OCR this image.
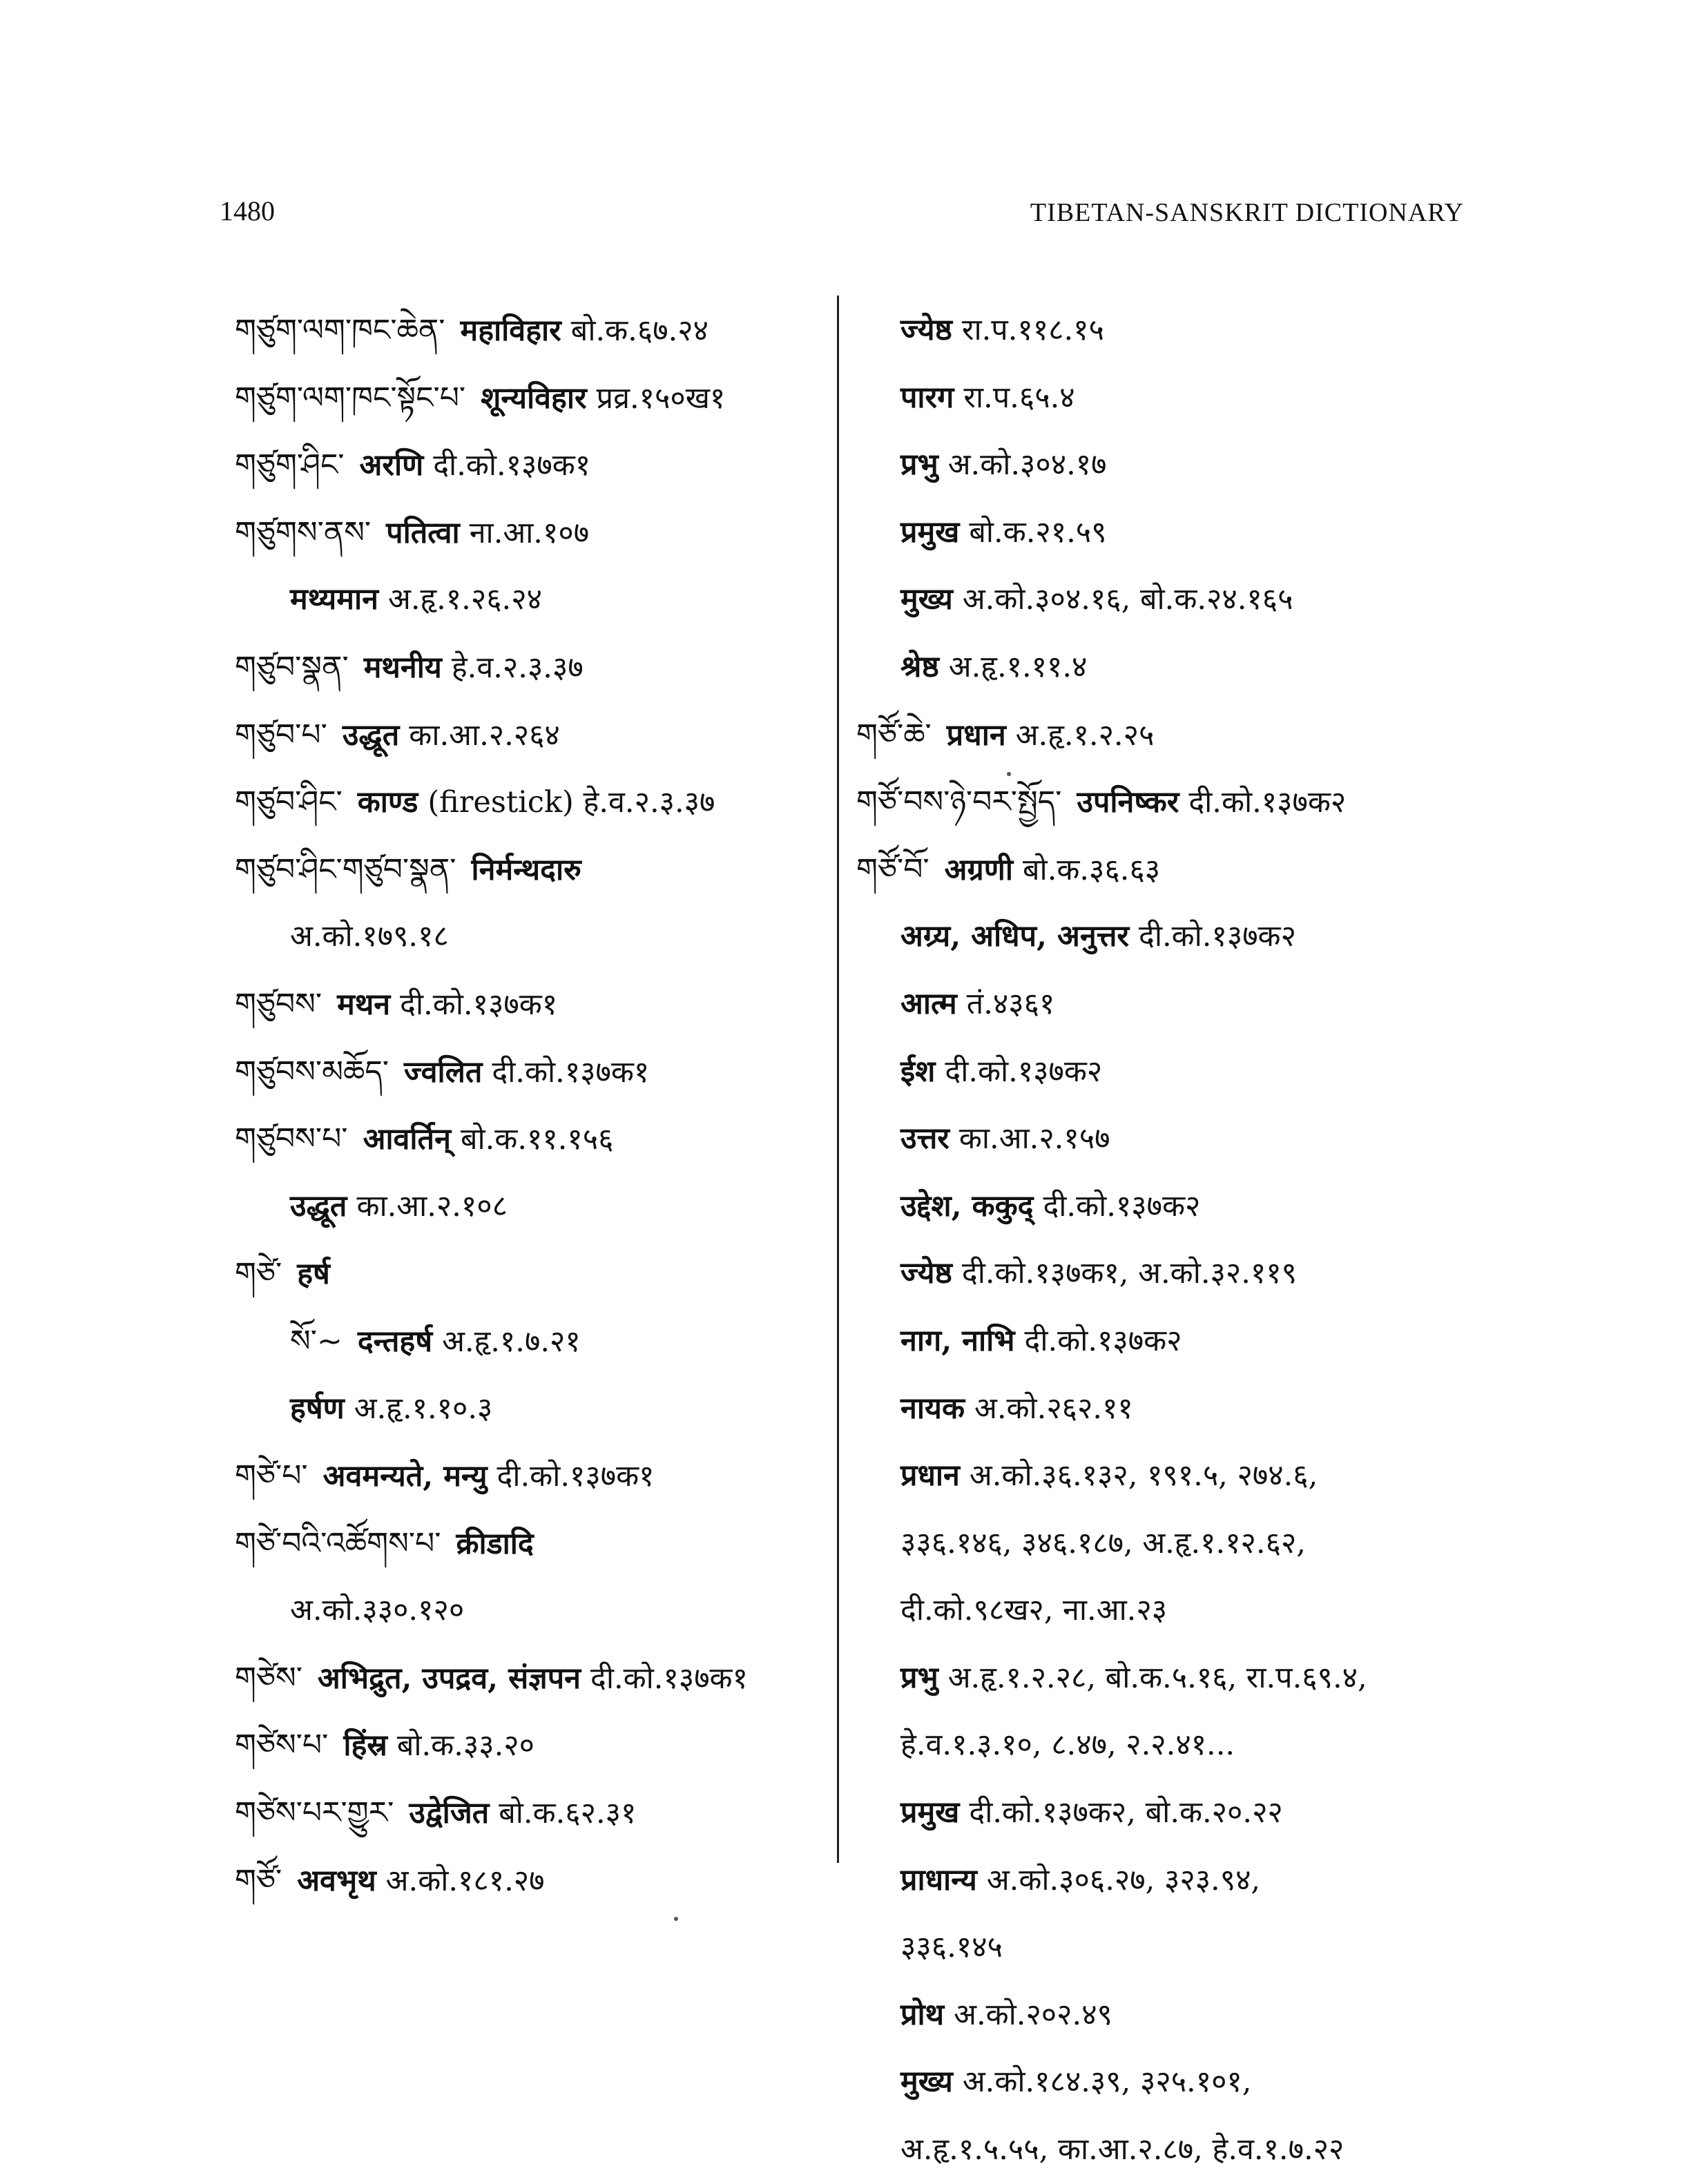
1480	TIBETAN-SANSKRIT DICTIONARY
གཙུག་ལག་ཁང་ཆེན་ महाविहार बो.क.६७.२४
གཙུག་ལག་ཁང་སྟོང་པ་ शून्यविहार प्रव्र.१५०ख१
གཙུག་ཤིང་ अरणि दी.को.१३७क१
གཙུགས་ནས་ पतित्वा ना.आ.१०७
मथ्यमान अ.हृ.१.२६.२४
གཙུབ་སྣན་ मथनीय हे.व.२.३.३७
གཙུབ་པ་ उद्धूत का.आ.२.२६४
གཙུབ་ཤིང་ काण्ड (firestick) हे.व.२.३.३७
གཙུབ་ཤིང་གཙུབ་སྣན་ निर्मन्थदारु
अ.को.१७९.१८
གཙུབས་ मथन दी.को.१३७क१
གཙུབས་མཆོད་ ज्वलित दी.को.१३७क१
གཙུབས་པ་ आवर्तिन् बो.क.११.१५६
उद्धूत का.आ.२.१०८
གཙེ་ हर्ष
སོ་~ दन्तहर्ष अ.हृ.१.७.२१
हर्षण अ.हृ.१.१०.३
གཙེ་པ་ अवमन्यते, मन्यु दी.को.१३७क१
གཙེ་བའི་འཚོགས་པ་ क्रीडादि
अ.को.३३०.१२०
གཙེས་ अभिद्रुत, उपद्रव, संज्ञपन दी.को.१३७क१
གཙེས་པ་ हिंस्र बो.क.३३.२०
གཙེས་པར་གྱུར་ उद्वेजित बो.क.६२.३१
གཙོ་ अवभृथ अ.को.१८१.२७
ज्येष्ठ रा.प.११८.१५
पारग रा.प.६५.४
प्रभु अ.को.३०४.१७
प्रमुख बो.क.२१.५९
मुख्य अ.को.३०४.१६, बो.क.२४.१६५
श्रेष्ठ अ.हृ.१.११.४
གཙོ་ཆེ་ प्रधान अ.हृ.१.२.२५
གཙོ་བས་ཉེ་བར་སྤྱོད་ उपनिष्कर दी.को.१३७क२
གཙོ་བོ་ अग्रणी बो.क.३६.६३
अग्र्य, अधिप, अनुत्तर दी.को.१३७क२
आत्म तं.४३६१
ईश दी.को.१३७क२
उत्तर का.आ.२.१५७
उद्देश, ककुद् दी.को.१३७क२
ज्येष्ठ दी.को.१३७क१, अ.को.३२.११९
नाग, नाभि दी.को.१३७क२
नायक अ.को.२६२.११
प्रधान अ.को.३६.१३२, १९१.५, २७४.६,
३३६.१४६, ३४६.१८७, अ.हृ.१.१२.६२,
दी.को.९८ख२, ना.आ.२३
प्रभु अ.हृ.१.२.२८, बो.क.५.१६, रा.प.६९.४,
हे.व.१.३.१०, ८.४७, २.२.४१...
प्रमुख दी.को.१३७क२, बो.क.२०.२२
प्राधान्य अ.को.३०६.२७, ३२३.९४,
३३६.१४५
प्रोथ अ.को.२०२.४९
मुख्य अ.को.१८४.३९, ३२५.१०१,
अ.हृ.१.५.५५, का.आ.२.८७, हे.व.१.७.२२
